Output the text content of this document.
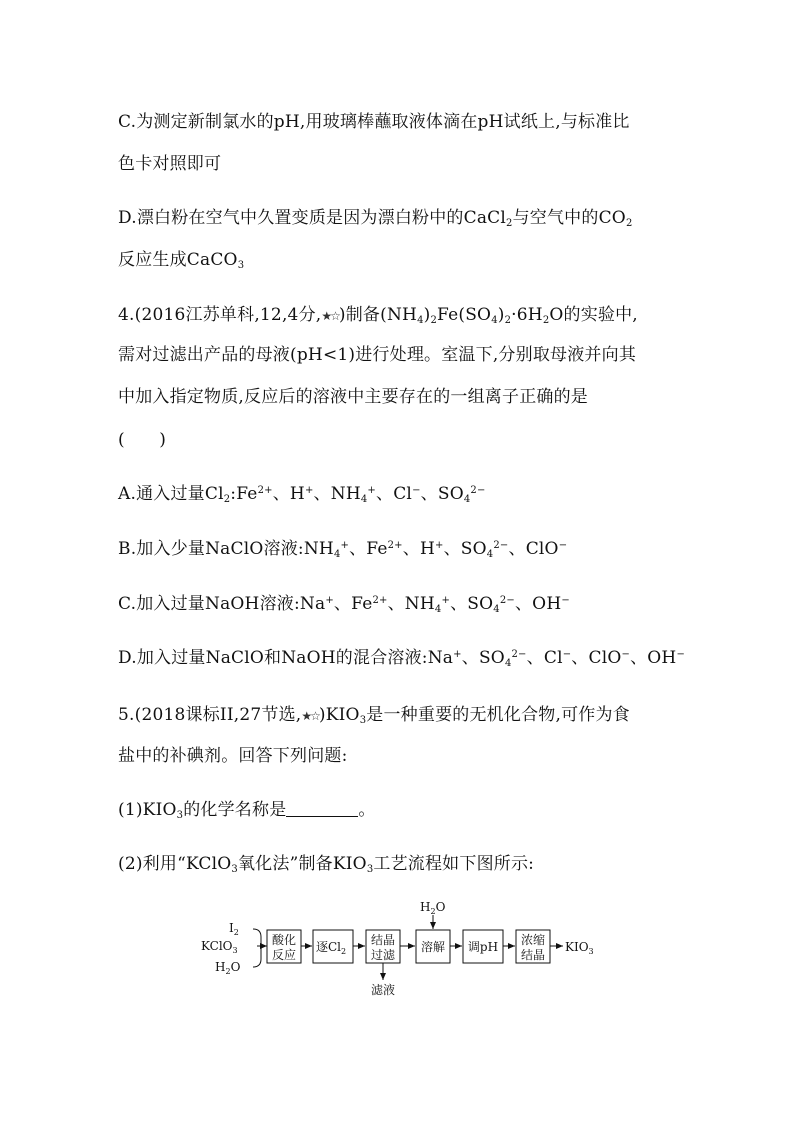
C.为测定新制氯水的pH,用玻璃棒蘸取液体滴在pH试纸上,与标准比
色卡对照即可
D.漂白粉在空气中久置变质是因为漂白粉中的CaCl$_2$与空气中的$CO_2$
反应生成CaCO$_3$
4.(2016江苏单科,12,4分,★☆)制备$(NH_4)_2Fe(SO_4)_2\cdot 6H_2O$的实验中,
需对过滤出产品的母液(pH<1)进行处理。室温下,分别取母液并向其
中加入指定物质,反应后的溶液中主要存在的一组离子正确的是
(　　)
A.通入过量$Cl_2:Fe^{2+}$、H+、$NH_4^+$、Cl−、$SO_4^{2-}$
B.加入少量NaClO溶液$:NH_4^+$、$Fe^{2+}$、H+、$SO_4^{2-}$、ClO−
C.加入过量NaOH溶液:Na+、$Fe^{2+}$、$NH_4^+$、$SO_4^{2-}$、OH−
D.加入过量NaClO和NaOH的混合溶液:Na+、$SO_4^{2-}$、Cl−、ClO−、OH−
5.(2018课标II,27节选$,★☆)KIO_3$是一种重要的无机化合物,可作为食
盐中的补碘剂。回答下列问题:
$(1)KIO_3$的化学名称是	。
(2)利用“KClO$_3$氧化法”制备$KIO_3$工艺流程如下图所示:
$I_2$
KClO$_3$
$H_2O$
酸化
反应
逐$Cl_2$
结晶
过滤
滤液
$H_2O$
溶解 调pH 浓缩
结晶
$KIO_3$
